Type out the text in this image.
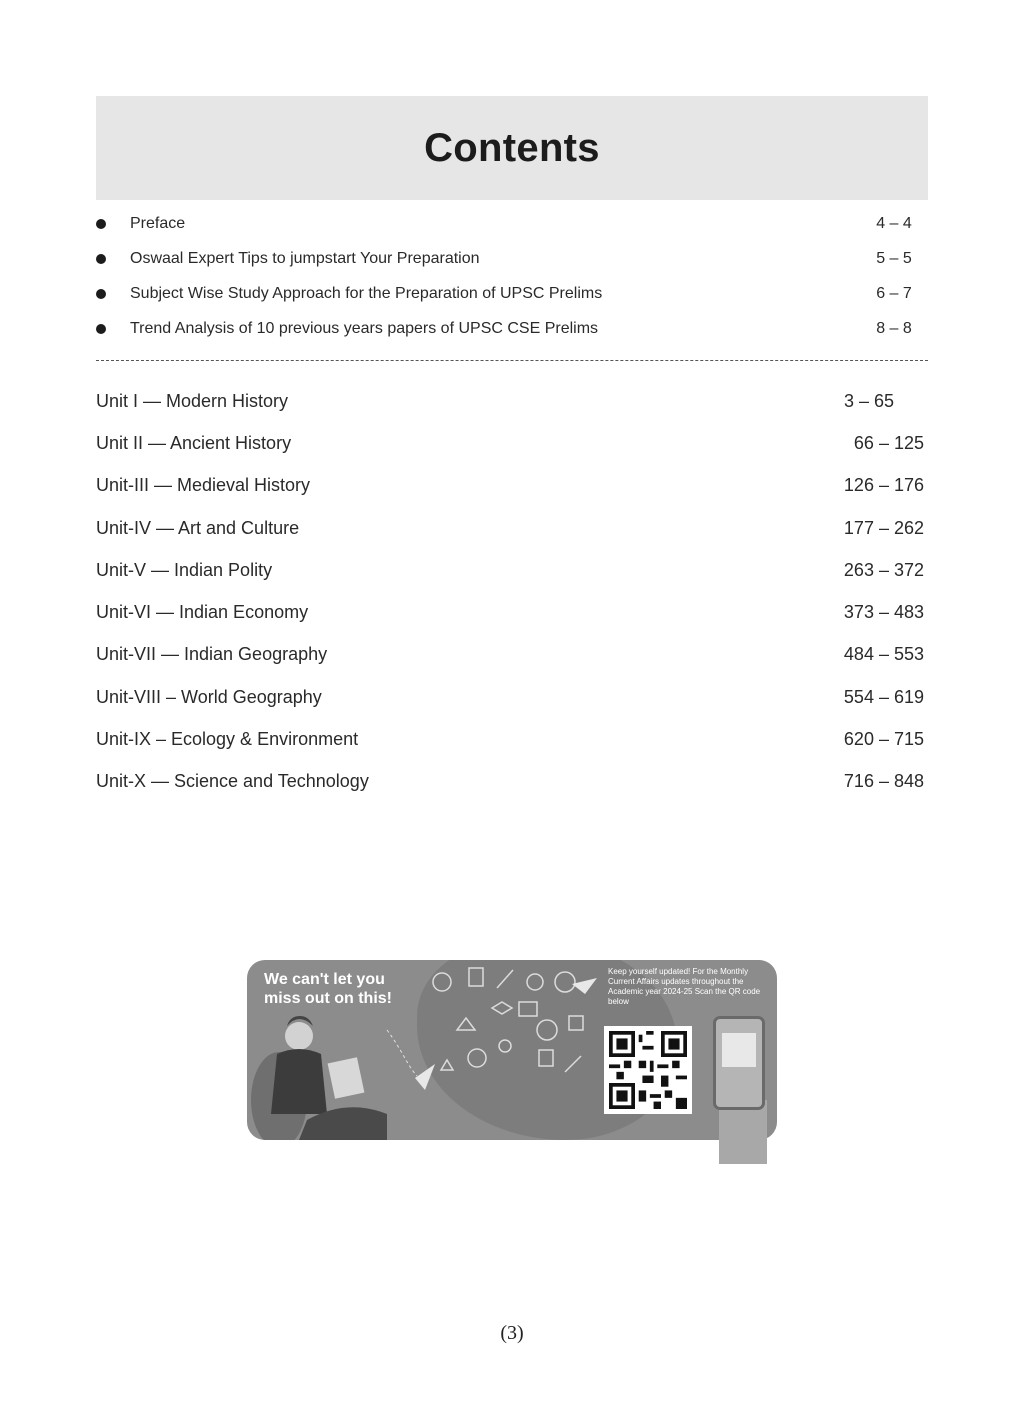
Contents
Preface	4 – 4
Oswaal Expert Tips to jumpstart Your Preparation	5 – 5
Subject Wise Study Approach for the Preparation of UPSC Prelims	6 – 7
Trend Analysis of 10 previous years papers of UPSC CSE Prelims	8 – 8
Unit I — Modern History	3 – 65
Unit II — Ancient History	66 – 125
Unit-III — Medieval History	126 – 176
Unit-IV — Art and Culture	177 – 262
Unit-V — Indian Polity	263 – 372
Unit-VI — Indian Economy	373 – 483
Unit-VII — Indian Geography	484 – 553
Unit-VIII – World Geography	554 – 619
Unit-IX – Ecology & Environment	620 – 715
Unit-X — Science and Technology	716 – 848
We can't let you
miss out on this!
Keep yourself updated! For the Monthly Current Affairs updates throughout the Academic year 2024-25 Scan the QR code below
(3)
